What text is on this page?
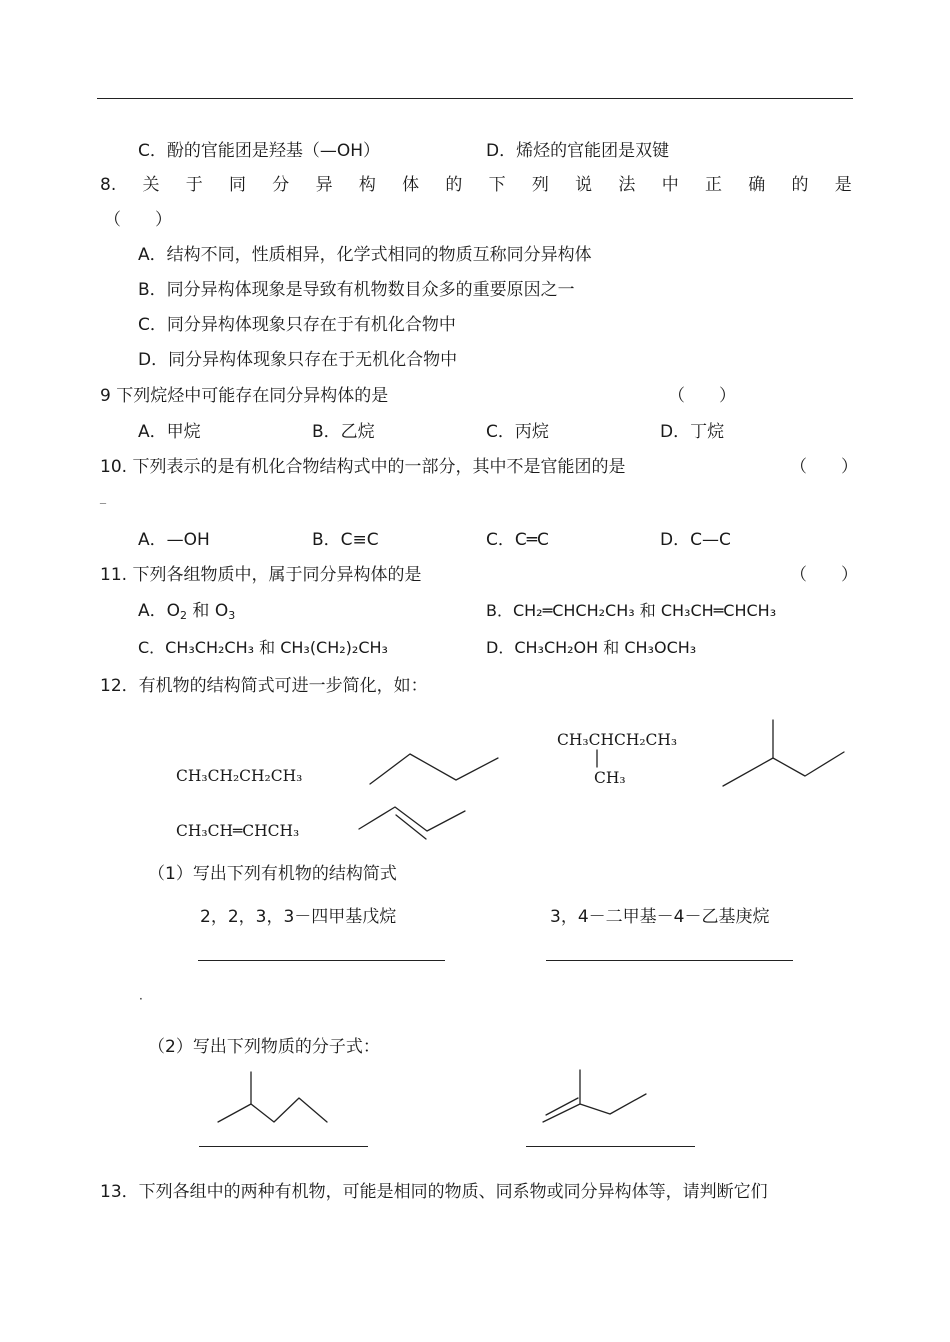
C．酚的官能团是羟基（—OH）	D．烯烃的官能团是双键
8. 关 于 同 分 异 构 体 的 下 列 说 法 中 正 确 的 是
（　　）
A．结构不同，性质相异，化学式相同的物质互称同分异构体
B．同分异构体现象是导致有机物数目众多的重要原因之一
C．同分异构体现象只存在于有机化合物中
D．同分异构体现象只存在于无机化合物中
9 下列烷烃中可能存在同分异构体的是	（　　）
A．甲烷	B．乙烷	C．丙烷	D．丁烷
10. 下列表示的是有机化合物结构式中的一部分，其中不是官能团的是	（　　）
_
A．—OH	B．C≡C	C．C═C	D．C—C
11. 下列各组物质中，属于同分异构体的是	（　　）
A．$O_2$ 和 $O_3$	B．CH₂═CHCH₂CH₃ 和 CH₃CH═CHCH₃
C．CH₃CH₂CH₃ 和 CH₃(CH₂)₂CH₃	D．CH₃CH₂OH 和 CH₃OCH₃
12．有机物的结构简式可进一步简化，如：
CH₃CH₂CH₂CH₃
CH₃CH═CHCH₃
CH₃CHCH₂CH₃
CH₃
（1）写出下列有机物的结构简式
2，2，3，3－四甲基戊烷	3，4－二甲基－4－乙基庚烷
·
（2）写出下列物质的分子式：
13．下列各组中的两种有机物，可能是相同的物质、同系物或同分异构体等，请判断它们
